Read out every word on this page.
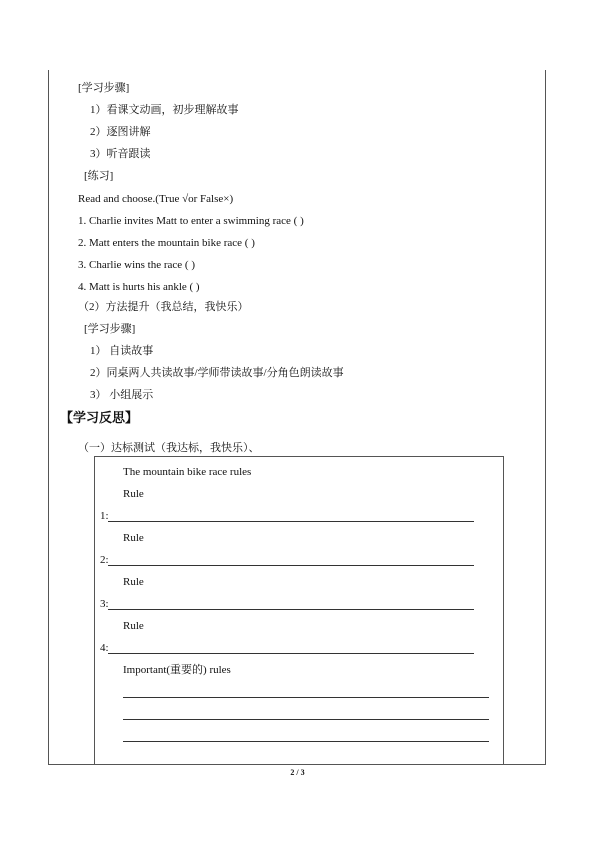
[学习步骤]
1）看课文动画，初步理解故事
2）逐图讲解
3）听音跟读
[练习]
Read and choose.(True √or False×)
1. Charlie invites Matt to enter a swimming race ( )
2. Matt enters the mountain bike race ( )
3. Charlie wins the race ( )
4. Matt is hurts his ankle ( )
（2）方法提升（我总结，我快乐）
[学习步骤]
1） 自读故事
2）同桌两人共读故事/学师带读故事/分角色朗读故事
3） 小组展示
【学习反思】
（一）达标测试（我达标，我快乐）、
The mountain bike race rules
Rule
1:
Rule
2:
Rule
3:
Rule
4:
Important(重要的) rules
2 / 3
